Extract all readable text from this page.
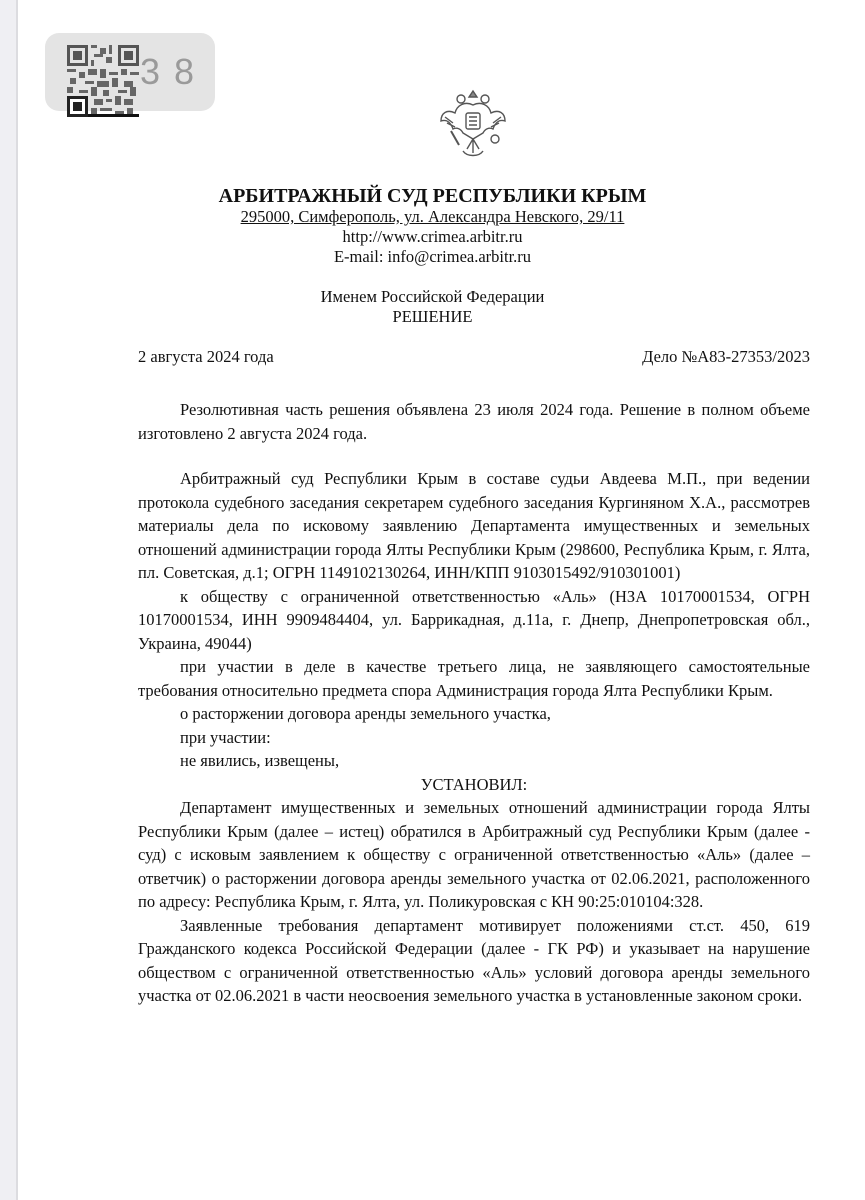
3 8
АРБИТРАЖНЫЙ СУД РЕСПУБЛИКИ КРЫМ
295000, Симферополь, ул. Александра Невского, 29/11
http://www.crimea.arbitr.ru
E-mail: info@crimea.arbitr.ru
Именем Российской Федерации
РЕШЕНИЕ
2 августа 2024 года	Дело №А83-27353/2023

Резолютивная часть решения объявлена 23 июля 2024 года. Решение в полном объеме изготовлено 2 августа 2024 года.

Арбитражный суд Республики Крым в составе судьи Авдеева М.П., при ведении протокола судебного заседания секретарем судебного заседания Кургиняном Х.А., рассмотрев материалы дела по исковому заявлению Департамента имущественных и земельных отношений администрации города Ялты Республики Крым (298600, Республика Крым, г. Ялта, пл. Советская, д.1; ОГРН 1149102130264, ИНН/КПП 9103015492/910301001)

к обществу с ограниченной ответственностью «Аль» (НЗА 10170001534, ОГРН 10170001534, ИНН 9909484404, ул. Баррикадная, д.11а, г. Днепр, Днепропетровская обл., Украина, 49044)

при участии в деле в качестве третьего лица, не заявляющего самостоятельные требования относительно предмета спора Администрация города Ялта Республики Крым.

о расторжении договора аренды земельного участка,

при участии:

не явились, извещены,

УСТАНОВИЛ:

Департамент имущественных и земельных отношений администрации города Ялты Республики Крым (далее – истец) обратился в Арбитражный суд Республики Крым (далее - суд) с исковым заявлением к обществу с ограниченной ответственностью «Аль» (далее – ответчик) о расторжении договора аренды земельного участка от 02.06.2021, расположенного по адресу: Республика Крым, г. Ялта, ул. Поликуровская с КН 90:25:010104:328.

Заявленные требования департамент мотивирует положениями ст.ст. 450, 619 Гражданского кодекса Российской Федерации (далее - ГК РФ) и указывает на нарушение обществом с ограниченной ответственностью «Аль» условий договора аренды земельного участка от 02.06.2021 в части неосвоения земельного участка в установленные законом сроки.
